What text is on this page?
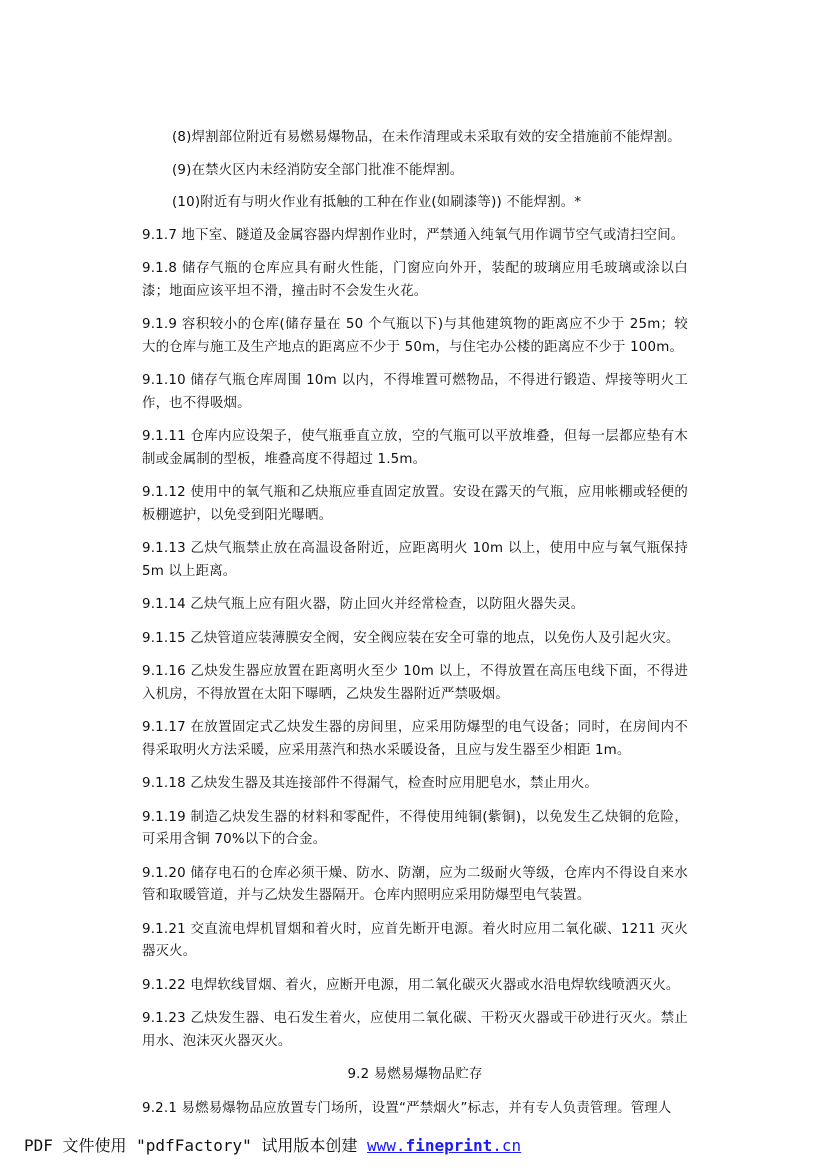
(8)焊割部位附近有易燃易爆物品，在未作清理或未采取有效的安全措施前不能焊割。

(9)在禁火区内未经消防安全部门批准不能焊割。

(10)附近有与明火作业有抵触的工种在作业(如刷漆等)) 不能焊割。*

9.1.7 地下室、隧道及金属容器内焊割作业时，严禁通入纯氧气用作调节空气或清扫空间。

9.1.8 储存气瓶的仓库应具有耐火性能，门窗应向外开，装配的玻璃应用毛玻璃或涂以白漆；地面应该平坦不滑，撞击时不会发生火花。

9.1.9 容积较小的仓库(储存量在 50 个气瓶以下)与其他建筑物的距离应不少于 25m；较大的仓库与施工及生产地点的距离应不少于 50m，与住宅办公楼的距离应不少于 100m。

9.1.10 储存气瓶仓库周围 10m 以内，不得堆置可燃物品，不得进行锻造、焊接等明火工作，也不得吸烟。

9.1.11 仓库内应设架子，使气瓶垂直立放，空的气瓶可以平放堆叠，但每一层都应垫有木制或金属制的型板，堆叠高度不得超过 1.5m。

9.1.12 使用中的氧气瓶和乙炔瓶应垂直固定放置。安设在露天的气瓶，应用帐棚或轻便的板棚遮护，以免受到阳光曝晒。

9.1.13 乙炔气瓶禁止放在高温设备附近，应距离明火 10m 以上，使用中应与氧气瓶保持 5m 以上距离。

9.1.14 乙炔气瓶上应有阻火器，防止回火并经常检查，以防阻火器失灵。

9.1.15 乙炔管道应装薄膜安全阀，安全阀应装在安全可靠的地点，以免伤人及引起火灾。

9.1.16 乙炔发生器应放置在距离明火至少 10m 以上，不得放置在高压电线下面，不得进入机房，不得放置在太阳下曝晒，乙炔发生器附近严禁吸烟。

9.1.17 在放置固定式乙炔发生器的房间里，应采用防爆型的电气设备；同时，在房间内不得采取明火方法采暖，应采用蒸汽和热水采暖设备，且应与发生器至少相距 1m。

9.1.18 乙炔发生器及其连接部件不得漏气，检查时应用肥皂水，禁止用火。

9.1.19 制造乙炔发生器的材料和零配件，不得使用纯铜(紫铜)，以免发生乙炔铜的危险，可采用含铜 70%以下的合金。

9.1.20 储存电石的仓库必须干燥、防水、防潮，应为二级耐火等级，仓库内不得设自来水管和取暖管道，并与乙炔发生器隔开。仓库内照明应采用防爆型电气装置。

9.1.21 交直流电焊机冒烟和着火时，应首先断开电源。着火时应用二氧化碳、1211 灭火器灭火。

9.1.22 电焊软线冒烟、着火，应断开电源，用二氧化碳灭火器或水沿电焊软线喷洒灭火。

9.1.23 乙炔发生器、电石发生着火，应使用二氧化碳、干粉灭火器或干砂进行灭火。禁止用水、泡沫灭火器灭火。

9.2 易燃易爆物品贮存

9.2.1 易燃易爆物品应放置专门场所，设置“严禁烟火”标志，并有专人负责管理。管理人

PDF 文件使用 "pdfFactory" 试用版本创建 www.fineprint.cn
